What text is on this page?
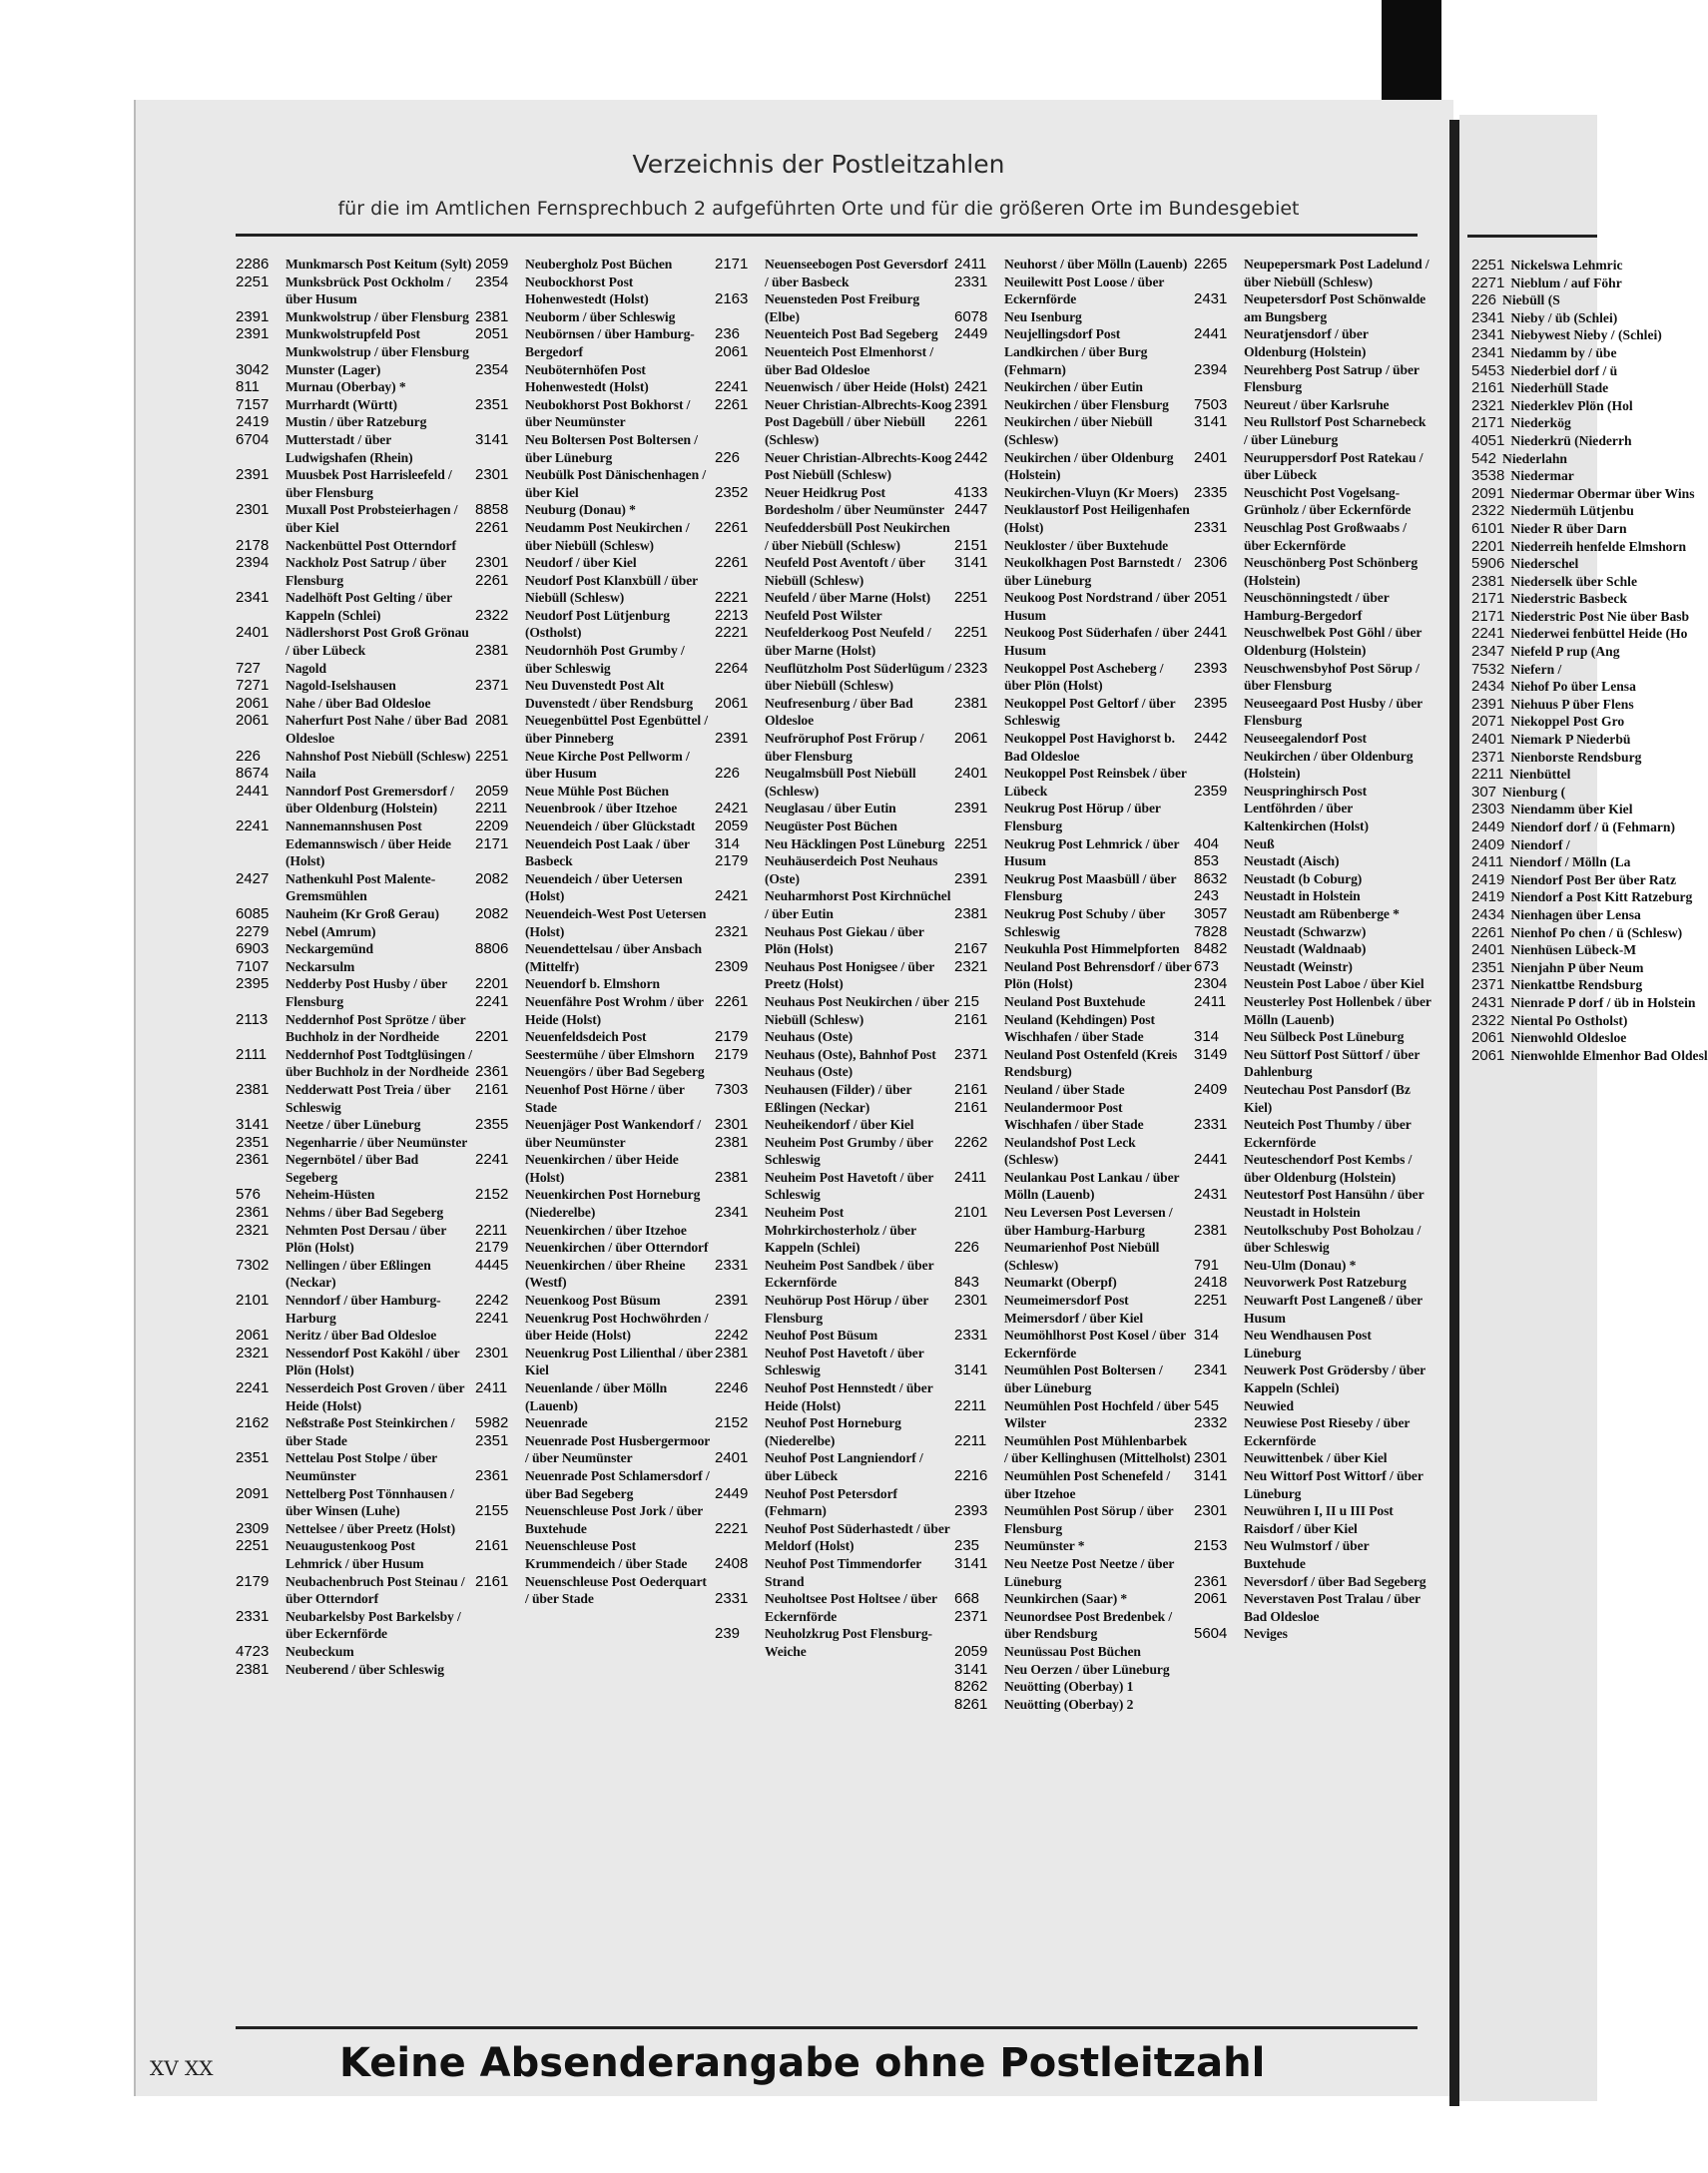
2251 Nickelswa Lehmric
2271 Nieblum / auf Föhr
226 Niebüll (S
2341 Nieby / üb (Schlei)
2341 Niebywest Nieby / (Schlei)
2341 Niedamm by / übe
5453 Niederbiel dorf / ü
2161 Niederhüll Stade
2321 Niederklev Plön (Hol
2171 Niederkög
4051 Niederkrü (Niederrh
542 Niederlahn
3538 Niedermar
2091 Niedermar Obermar über Wins
2322 Niedermüh Lütjenbu
6101 Nieder R über Darn
2201 Niederreih henfelde Elmshorn
5906 Niederschel
2381 Niederselk über Schle
2171 Niederstric Basbeck
2171 Niederstric Post Nie über Basb
2241 Niederwei fenbüttel Heide (Ho
2347 Niefeld P rup (Ang
7532 Niefern /
2434 Niehof Po über Lensa
2391 Niehuus P über Flens
2071 Niekoppel Post Gro
2401 Niemark P Niederbü
2371 Nienborste Rendsburg
2211 Nienbüttel
307 Nienburg (
2303 Niendamm über Kiel
2449 Niendorf dorf / ü (Fehmarn)
2409 Niendorf /
2411 Niendorf / Mölln (La
2419 Niendorf Post Ber über Ratz
2419 Niendorf a Post Kitt Ratzeburg
2434 Nienhagen über Lensa
2261 Nienhof Po chen / ü (Schlesw)
2401 Nienhüsen Lübeck-M
2351 Nienjahn P über Neum
2371 Nienkattbe Rendsburg
2431 Nienrade P dorf / üb in Holstein
2322 Niental Po Ostholst)
2061 Nienwohld Oldesloe
2061 Nienwohlde Elmenhor Bad Oldesl
Verzeichnis der Postleitzahlen
für die im Amtlichen Fernsprechbuch 2 aufgeführten Orte und für die größeren Orte im Bundesgebiet
2286	Munkmarsch Post Keitum (Sylt)
2251	Munksbrück Post Ockholm / über Husum
2391	Munkwolstrup / über Flensburg
2391	Munkwolstrupfeld Post Munkwolstrup / über Flensburg
3042	Munster (Lager)
811	Murnau (Oberbay) *
7157	Murrhardt (Württ)
2419	Mustin / über Ratzeburg
6704	Mutterstadt / über Ludwigshafen (Rhein)
2391	Muusbek Post Harrisleefeld / über Flensburg
2301	Muxall Post Probsteierhagen / über Kiel
2178	Nackenbüttel Post Otterndorf
2394	Nackholz Post Satrup / über Flensburg
2341	Nadelhöft Post Gelting / über Kappeln (Schlei)
2401	Nädlershorst Post Groß Grönau / über Lübeck
727	Nagold
7271	Nagold-Iselshausen
2061	Nahe / über Bad Oldesloe
2061	Naherfurt Post Nahe / über Bad Oldesloe
226	Nahnshof Post Niebüll (Schlesw)
8674	Naila
2441	Nanndorf Post Gremersdorf / über Oldenburg (Holstein)
2241	Nannemannshusen Post Edemannswisch / über Heide (Holst)
2427	Nathenkuhl Post Malente-Gremsmühlen
6085	Nauheim (Kr Groß Gerau)
2279	Nebel (Amrum)
6903	Neckargemünd
7107	Neckarsulm
2395	Nedderby Post Husby / über Flensburg
2113	Neddernhof Post Sprötze / über Buchholz in der Nordheide
2111	Neddernhof Post Todtglüsingen / über Buchholz in der Nordheide
2381	Nedderwatt Post Treia / über Schleswig
3141	Neetze / über Lüneburg
2351	Negenharrie / über Neumünster
2361	Negernbötel / über Bad Segeberg
576	Neheim-Hüsten
2361	Nehms / über Bad Segeberg
2321	Nehmten Post Dersau / über Plön (Holst)
7302	Nellingen / über Eßlingen (Neckar)
2101	Nenndorf / über Hamburg-Harburg
2061	Neritz / über Bad Oldesloe
2321	Nessendorf Post Kaköhl / über Plön (Holst)
2241	Nesserdeich Post Groven / über Heide (Holst)
2162	Neßstraße Post Steinkirchen / über Stade
2351	Nettelau Post Stolpe / über Neumünster
2091	Nettelberg Post Tönnhausen / über Winsen (Luhe)
2309	Nettelsee / über Preetz (Holst)
2251	Neuaugustenkoog Post Lehmrick / über Husum
2179	Neubachenbruch Post Steinau / über Otterndorf
2331	Neubarkelsby Post Barkelsby / über Eckernförde
4723	Neubeckum
2381	Neuberend / über Schleswig
2059	Neubergholz Post Büchen
2354	Neubockhorst Post Hohenwestedt (Holst)
2381	Neuborm / über Schleswig
2051	Neubörnsen / über Hamburg-Bergedorf
2354	Neuböternhöfen Post Hohenwestedt (Holst)
2351	Neubokhorst Post Bokhorst / über Neumünster
3141	Neu Boltersen Post Boltersen / über Lüneburg
2301	Neubülk Post Dänischenhagen / über Kiel
8858	Neuburg (Donau) *
2261	Neudamm Post Neukirchen / über Niebüll (Schlesw)
2301	Neudorf / über Kiel
2261	Neudorf Post Klanxbüll / über Niebüll (Schlesw)
2322	Neudorf Post Lütjenburg (Ostholst)
2381	Neudornhöh Post Grumby / über Schleswig
2371	Neu Duvenstedt Post Alt Duvenstedt / über Rendsburg
2081	Neuegenbüttel Post Egenbüttel / über Pinneberg
2251	Neue Kirche Post Pellworm / über Husum
2059	Neue Mühle Post Büchen
2211	Neuenbrook / über Itzehoe
2209	Neuendeich / über Glückstadt
2171	Neuendeich Post Laak / über Basbeck
2082	Neuendeich / über Uetersen (Holst)
2082	Neuendeich-West Post Uetersen (Holst)
8806	Neuendettelsau / über Ansbach (Mittelfr)
2201	Neuendorf b. Elmshorn
2241	Neuenfähre Post Wrohm / über Heide (Holst)
2201	Neuenfeldsdeich Post Seestermühe / über Elmshorn
2361	Neuengörs / über Bad Segeberg
2161	Neuenhof Post Hörne / über Stade
2355	Neuenjäger Post Wankendorf / über Neumünster
2241	Neuenkirchen / über Heide (Holst)
2152	Neuenkirchen Post Horneburg (Niederelbe)
2211	Neuenkirchen / über Itzehoe
2179	Neuenkirchen / über Otterndorf
4445	Neuenkirchen / über Rheine (Westf)
2242	Neuenkoog Post Büsum
2241	Neuenkrug Post Hochwöhrden / über Heide (Holst)
2301	Neuenkrug Post Lilienthal / über Kiel
2411	Neuenlande / über Mölln (Lauenb)
5982	Neuenrade
2351	Neuenrade Post Husbergermoor / über Neumünster
2361	Neuenrade Post Schlamersdorf / über Bad Segeberg
2155	Neuenschleuse Post Jork / über Buxtehude
2161	Neuenschleuse Post Krummendeich / über Stade
2161	Neuenschleuse Post Oederquart / über Stade
2171	Neuenseebogen Post Geversdorf / über Basbeck
2163	Neuensteden Post Freiburg (Elbe)
236	Neuenteich Post Bad Segeberg
2061	Neuenteich Post Elmenhorst / über Bad Oldesloe
2241	Neuenwisch / über Heide (Holst)
2261	Neuer Christian-Albrechts-Koog Post Dagebüll / über Niebüll (Schlesw)
226	Neuer Christian-Albrechts-Koog Post Niebüll (Schlesw)
2352	Neuer Heidkrug Post Bordesholm / über Neumünster
2261	Neufeddersbüll Post Neukirchen / über Niebüll (Schlesw)
2261	Neufeld Post Aventoft / über Niebüll (Schlesw)
2221	Neufeld / über Marne (Holst)
2213	Neufeld Post Wilster
2221	Neufelderkoog Post Neufeld / über Marne (Holst)
2264	Neuflützholm Post Süderlügum / über Niebüll (Schlesw)
2061	Neufresenburg / über Bad Oldesloe
2391	Neufröruphof Post Frörup / über Flensburg
226	Neugalmsbüll Post Niebüll (Schlesw)
2421	Neuglasau / über Eutin
2059	Neugüster Post Büchen
314	Neu Häcklingen Post Lüneburg
2179	Neuhäuserdeich Post Neuhaus (Oste)
2421	Neuharmhorst Post Kirchnüchel / über Eutin
2321	Neuhaus Post Giekau / über Plön (Holst)
2309	Neuhaus Post Honigsee / über Preetz (Holst)
2261	Neuhaus Post Neukirchen / über Niebüll (Schlesw)
2179	Neuhaus (Oste)
2179	Neuhaus (Oste), Bahnhof Post Neuhaus (Oste)
7303	Neuhausen (Filder) / über Eßlingen (Neckar)
2301	Neuheikendorf / über Kiel
2381	Neuheim Post Grumby / über Schleswig
2381	Neuheim Post Havetoft / über Schleswig
2341	Neuheim Post Mohrkirchosterholz / über Kappeln (Schlei)
2331	Neuheim Post Sandbek / über Eckernförde
2391	Neuhörup Post Hörup / über Flensburg
2242	Neuhof Post Büsum
2381	Neuhof Post Havetoft / über Schleswig
2246	Neuhof Post Hennstedt / über Heide (Holst)
2152	Neuhof Post Horneburg (Niederelbe)
2401	Neuhof Post Langniendorf / über Lübeck
2449	Neuhof Post Petersdorf (Fehmarn)
2221	Neuhof Post Süderhastedt / über Meldorf (Holst)
2408	Neuhof Post Timmendorfer Strand
2331	Neuholtsee Post Holtsee / über Eckernförde
239	Neuholzkrug Post Flensburg-Weiche
2411	Neuhorst / über Mölln (Lauenb)
2331	Neuilewitt Post Loose / über Eckernförde
6078	Neu Isenburg
2449	Neujellingsdorf Post Landkirchen / über Burg (Fehmarn)
2421	Neukirchen / über Eutin
2391	Neukirchen / über Flensburg
2261	Neukirchen / über Niebüll (Schlesw)
2442	Neukirchen / über Oldenburg (Holstein)
4133	Neukirchen-Vluyn (Kr Moers)
2447	Neuklaustorf Post Heiligenhafen (Holst)
2151	Neukloster / über Buxtehude
3141	Neukolkhagen Post Barnstedt / über Lüneburg
2251	Neukoog Post Nordstrand / über Husum
2251	Neukoog Post Süderhafen / über Husum
2323	Neukoppel Post Ascheberg / über Plön (Holst)
2381	Neukoppel Post Geltorf / über Schleswig
2061	Neukoppel Post Havighorst b. Bad Oldesloe
2401	Neukoppel Post Reinsbek / über Lübeck
2391	Neukrug Post Hörup / über Flensburg
2251	Neukrug Post Lehmrick / über Husum
2391	Neukrug Post Maasbüll / über Flensburg
2381	Neukrug Post Schuby / über Schleswig
2167	Neukuhla Post Himmelpforten
2321	Neuland Post Behrensdorf / über Plön (Holst)
215	Neuland Post Buxtehude
2161	Neuland (Kehdingen) Post Wischhafen / über Stade
2371	Neuland Post Ostenfeld (Kreis Rendsburg)
2161	Neuland / über Stade
2161	Neulandermoor Post Wischhafen / über Stade
2262	Neulandshof Post Leck (Schlesw)
2411	Neulankau Post Lankau / über Mölln (Lauenb)
2101	Neu Leversen Post Leversen / über Hamburg-Harburg
226	Neumarienhof Post Niebüll (Schlesw)
843	Neumarkt (Oberpf)
2301	Neumeimersdorf Post Meimersdorf / über Kiel
2331	Neumöhlhorst Post Kosel / über Eckernförde
3141	Neumühlen Post Boltersen / über Lüneburg
2211	Neumühlen Post Hochfeld / über Wilster
2211	Neumühlen Post Mühlenbarbek / über Kellinghusen (Mittelholst)
2216	Neumühlen Post Schenefeld / über Itzehoe
2393	Neumühlen Post Sörup / über Flensburg
235	Neumünster *
3141	Neu Neetze Post Neetze / über Lüneburg
668	Neunkirchen (Saar) *
2371	Neunordsee Post Bredenbek / über Rendsburg
2059	Neunüssau Post Büchen
3141	Neu Oerzen / über Lüneburg
8262	Neuötting (Oberbay) 1
8261	Neuötting (Oberbay) 2
2265	Neupepersmark Post Ladelund / über Niebüll (Schlesw)
2431	Neupetersdorf Post Schönwalde am Bungsberg
2441	Neuratjensdorf / über Oldenburg (Holstein)
2394	Neurehberg Post Satrup / über Flensburg
7503	Neureut / über Karlsruhe
3141	Neu Rullstorf Post Scharnebeck / über Lüneburg
2401	Neuruppersdorf Post Ratekau / über Lübeck
2335	Neuschicht Post Vogelsang-Grünholz / über Eckernförde
2331	Neuschlag Post Großwaabs / über Eckernförde
2306	Neuschönberg Post Schönberg (Holstein)
2051	Neuschönningstedt / über Hamburg-Bergedorf
2441	Neuschwelbek Post Göhl / über Oldenburg (Holstein)
2393	Neuschwensbyhof Post Sörup / über Flensburg
2395	Neuseegaard Post Husby / über Flensburg
2442	Neuseegalendorf Post Neukirchen / über Oldenburg (Holstein)
2359	Neuspringhirsch Post Lentföhrden / über Kaltenkirchen (Holst)
404	Neuß
853	Neustadt (Aisch)
8632	Neustadt (b Coburg)
243	Neustadt in Holstein
3057	Neustadt am Rübenberge *
7828	Neustadt (Schwarzw)
8482	Neustadt (Waldnaab)
673	Neustadt (Weinstr)
2304	Neustein Post Laboe / über Kiel
2411	Neusterley Post Hollenbek / über Mölln (Lauenb)
314	Neu Sülbeck Post Lüneburg
3149	Neu Süttorf Post Süttorf / über Dahlenburg
2409	Neutechau Post Pansdorf (Bz Kiel)
2331	Neuteich Post Thumby / über Eckernförde
2441	Neuteschendorf Post Kembs / über Oldenburg (Holstein)
2431	Neutestorf Post Hansühn / über Neustadt in Holstein
2381	Neutolkschuby Post Boholzau / über Schleswig
791	Neu-Ulm (Donau) *
2418	Neuvorwerk Post Ratzeburg
2251	Neuwarft Post Langeneß / über Husum
314	Neu Wendhausen Post Lüneburg
2341	Neuwerk Post Grödersby / über Kappeln (Schlei)
545	Neuwied
2332	Neuwiese Post Rieseby / über Eckernförde
2301	Neuwittenbek / über Kiel
3141	Neu Wittorf Post Wittorf / über Lüneburg
2301	Neuwühren I, II u III Post Raisdorf / über Kiel
2153	Neu Wulmstorf / über Buxtehude
2361	Neversdorf / über Bad Segeberg
2061	Neverstaven Post Tralau / über Bad Oldesloe
5604	Neviges
XV XX	Keine Absenderangabe ohne Postleitzahl
